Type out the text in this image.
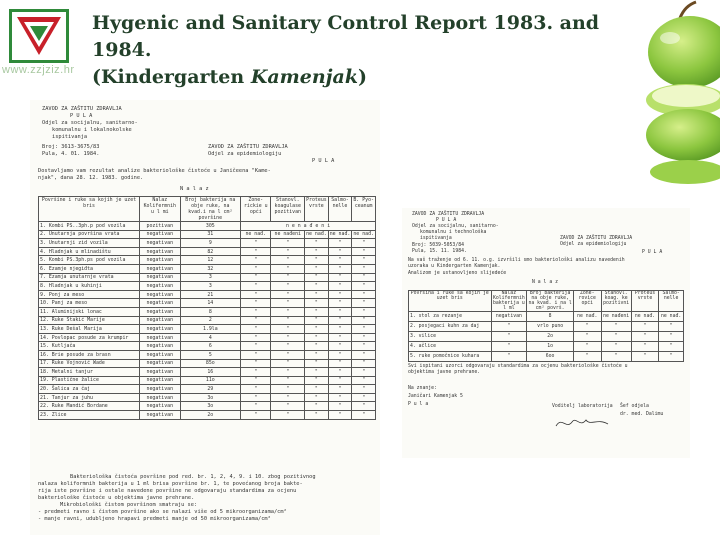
www.zzjziz.hr
Hygenic and Sanitary Control Report 1983. and 1984.
(Kindergarten Kamenjak)
ZAVOD ZA ZAŠTITU ZDRAVLJA
P U L A
Odjel za socijalnu, sanitarno-
komunalnu i lokalnokolske
ispitivanja
Broj: 3613-3675/83
Pula, 4. 01. 1984.
ZAVOD ZA ZAŠTITU ZDRAVLJA
Odjel za epidemiologiju
P U L A
Dostavljamo vam rezultat analize bakteriološke čistoće u Janičeena "Kame-
njak", dana 28. 12. 1983. godine.
N a l a z
Površine i ruke sa kojih je uzet bris	Nalaz Kolifermnih u l mi	Broj bakterija na obje ruke, na kvad.i na l cm² površine	Zone- rickie u opći	Stanovl. koagulase pozitivan	Proteus vrste	Salmo- nelle	B. Pyo- ceanum
1. Kombi PS..3ph.p pod vozila	pozitivan	305	n e n a đ e n i				
2. Unutarnja površina vrata	negativan	31	ne nađ.	ne nađeni	ne nađ.	ne nađ.	ne nađ.
3. Unutarnji zid vozila	negativan	9	"	"	"	"	"
4. Hladnjak u mlinadištu	negativan	82	"	"	"	"	"
5. Kombi PS.3ph.ps pod vozila	negativan	12	"	"	"	"	"
6. Ezamje njegiđta	negativan	32	"	"	"	"	"
7. Ezamja unutarnje vrata	negativan	3	"	"	"	"	"
8. Hladnjak u kuhinji	negativan	3	"	"	"	"	"
9. Ponj za meso	negativan	21	"	"	"	"	"
10. Panj za meso	negativan	14	"	"	"	"	"
11. Aluminijski lonac	negativan	8	"	"	"	"	"
12. Ruke Stakić Marije	negativan	2	"	"	"	"	"
13. Ruke Dešal Marija	negativan	1.9la	"	"	"	"	"
14. Povlopac posude za krumpir	negativan	4	"	"	"	"	"
15. Kutljača	negativan	6	"	"	"	"	"
16. Brie posude za brasn	negativan	5	"	"	"	"	"
17. Ruke Vojnović Wade	negativan	85o	"	"	"	"	"
18. Metalni tanjur	negativan	16	"	"	"	"	"
19. Plastične žalice	negativan	11o	"	"	"	"	"
20. Šalica za čaj	negativan	29	"	"	"	"	"
21. Tanjur za juhu	negativan	3o	"	"	"	"	"
22. Ruke Mandić Bordane	negativan	3o	"	"	"	"	"
23. Zlice	negativan	2o	"	"	"	"	"
Bakteriološka čistoća površine pod red. br. 1, 2, 4, 9. i 10. zbog pozitivnog
nalaza koliformnih bakterija u 1 ml brisa površine br. 1, te povećanog broja bakte-
rija iste površine i ostale navedene površine ne odgovaraju standardima za ocjenu
bakteriološke čistoće u objektima javne prehrane.
Mikrobiološki čistom površinom smatraju se:
- predmeti ravno i čistom površine ako se nalazi više od 5 mikroorganizama/cm²
- manje ravni, udubljeno hrapavi predmeti manje od 50 mikroorganizama/cm²
ZAVOD ZA ZAŠTITU ZDRAVLJA
P U L A
Odjel za socijalnu, sanitarno-
komunalnu i technološka
ispitivanja
Broj: 5039-5053/84
Pula, 15. 11. 1984.
ZAVOD ZA ZAŠTITU ZDRAVLJA
Odjel za epidemiologiju
P U L A
Na vaš traženje od 6. 11. o.g. izvršili smo bakteriološki analizu navedenih
uzoraka u Kindergarten Kamenjak.
Analizom je ustanovljeno slijedeće
N a l a z
Površina i ruke sa kojih je uzet bris	Nalaz Kolifermnih bakterija u l ml	Broj bakterija na obje ruke, na kvad. i na l cm² površ.	Zone- rovice opći	Stanovl. koag. ke pozitivni	Proteus vrste	Salmo- nelle
1. stol za rezanje	negativan	8	ne nađ.	ne nađeni	ne nađ.	ne nađ.
2. posjegaci kuhn za daj	"	vrlo puno	"	"	"	"
3. vilice	"	2o	"	"	"	"
4. ačlice	"	1o	"	"	"	"
5. ruke pomočnice kuhara	"	6oo	"	"	"	"
Svi ispitani uzorci odgovaraju standardima za ocjenu bakteriološke čistoće u
objektima javne prehrane.
Na znanje:
Janičari Kamenjak 5
P u l a	Voditelj laboratorija Šef odjela
dr. med. Dalimu
